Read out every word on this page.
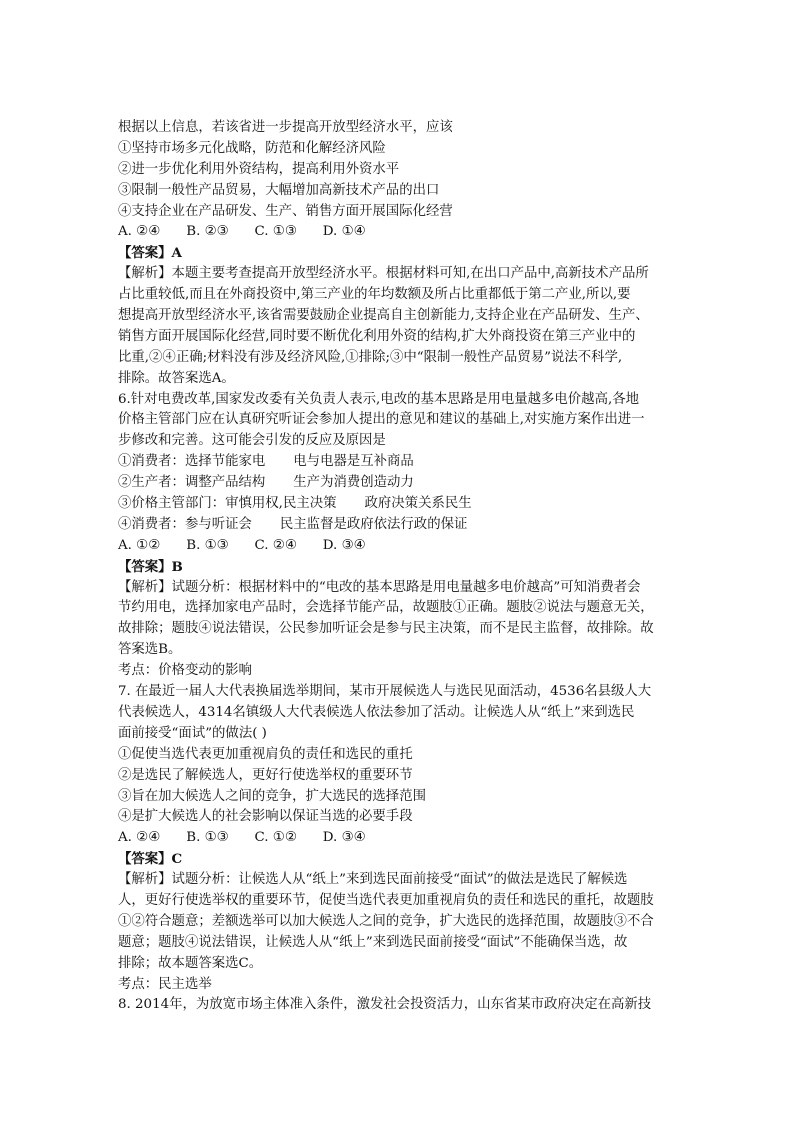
根据以上信息，若该省进一步提高开放型经济水平，应该
①坚持市场多元化战略，防范和化解经济风险
②进一步优化利用外资结构，提高利用外资水平
③限制一般性产品贸易，大幅增加高新技术产品的出口
④支持企业在产品研发、生产、销售方面开展国际化经营
A. ②④ B. ②③ C. ①③ D. ①④
【答案】A
【解析】本题主要考查提高开放型经济水平。根据材料可知,在出口产品中,高新技术产品所
占比重较低,而且在外商投资中,第三产业的年均数额及所占比重都低于第二产业,所以,要
想提高开放型经济水平,该省需要鼓励企业提高自主创新能力,支持企业在产品研发、生产、
销售方面开展国际化经营,同时要不断优化利用外资的结构,扩大外商投资在第三产业中的
比重,②④正确;材料没有涉及经济风险,①排除;③中“限制一般性产品贸易”说法不科学,
排除。故答案选A。
6.针对电费改革,国家发改委有关负责人表示,电改的基本思路是用电量越多电价越高,各地
价格主管部门应在认真研究听证会参加人提出的意见和建议的基础上,对实施方案作出进一
步修改和完善。这可能会引发的反应及原因是
①消费者：选择节能家电 电与电器是互补商品
②生产者：调整产品结构 生产为消费创造动力
③价格主管部门：审慎用权,民主决策 政府决策关系民生
④消费者：参与听证会 民主监督是政府依法行政的保证
A. ①② B. ①③ C. ②④ D. ③④
【答案】B
【解析】试题分析：根据材料中的“电改的基本思路是用电量越多电价越高”可知消费者会
节约用电，选择加家电产品时，会选择节能产品，故题肢①正确。题肢②说法与题意无关，
故排除；题肢④说法错误，公民参加听证会是参与民主决策，而不是民主监督，故排除。故
答案选B。
考点：价格变动的影响
7. 在最近一届人大代表换届选举期间，某市开展候选人与选民见面活动，4536名县级人大
代表候选人，4314名镇级人大代表候选人依法参加了活动。让候选人从“纸上”来到选民
面前接受“面试”的做法( )
①促使当选代表更加重视肩负的责任和选民的重托
②是选民了解候选人，更好行使选举权的重要环节
③旨在加大候选人之间的竞争，扩大选民的选择范围
④是扩大候选人的社会影响以保证当选的必要手段
A. ②④ B. ①③ C. ①② D. ③④
【答案】C
【解析】试题分析：让候选人从“纸上”来到选民面前接受“面试”的做法是选民了解候选
人，更好行使选举权的重要环节，促使当选代表更加重视肩负的责任和选民的重托，故题肢
①②符合题意；差额选举可以加大候选人之间的竞争，扩大选民的选择范围，故题肢③不合
题意；题肢④说法错误，让候选人从“纸上”来到选民面前接受“面试”不能确保当选，故
排除；故本题答案选C。
考点：民主选举
8. 2014年，为放宽市场主体准入条件，激发社会投资活力，山东省某市政府决定在高新技
